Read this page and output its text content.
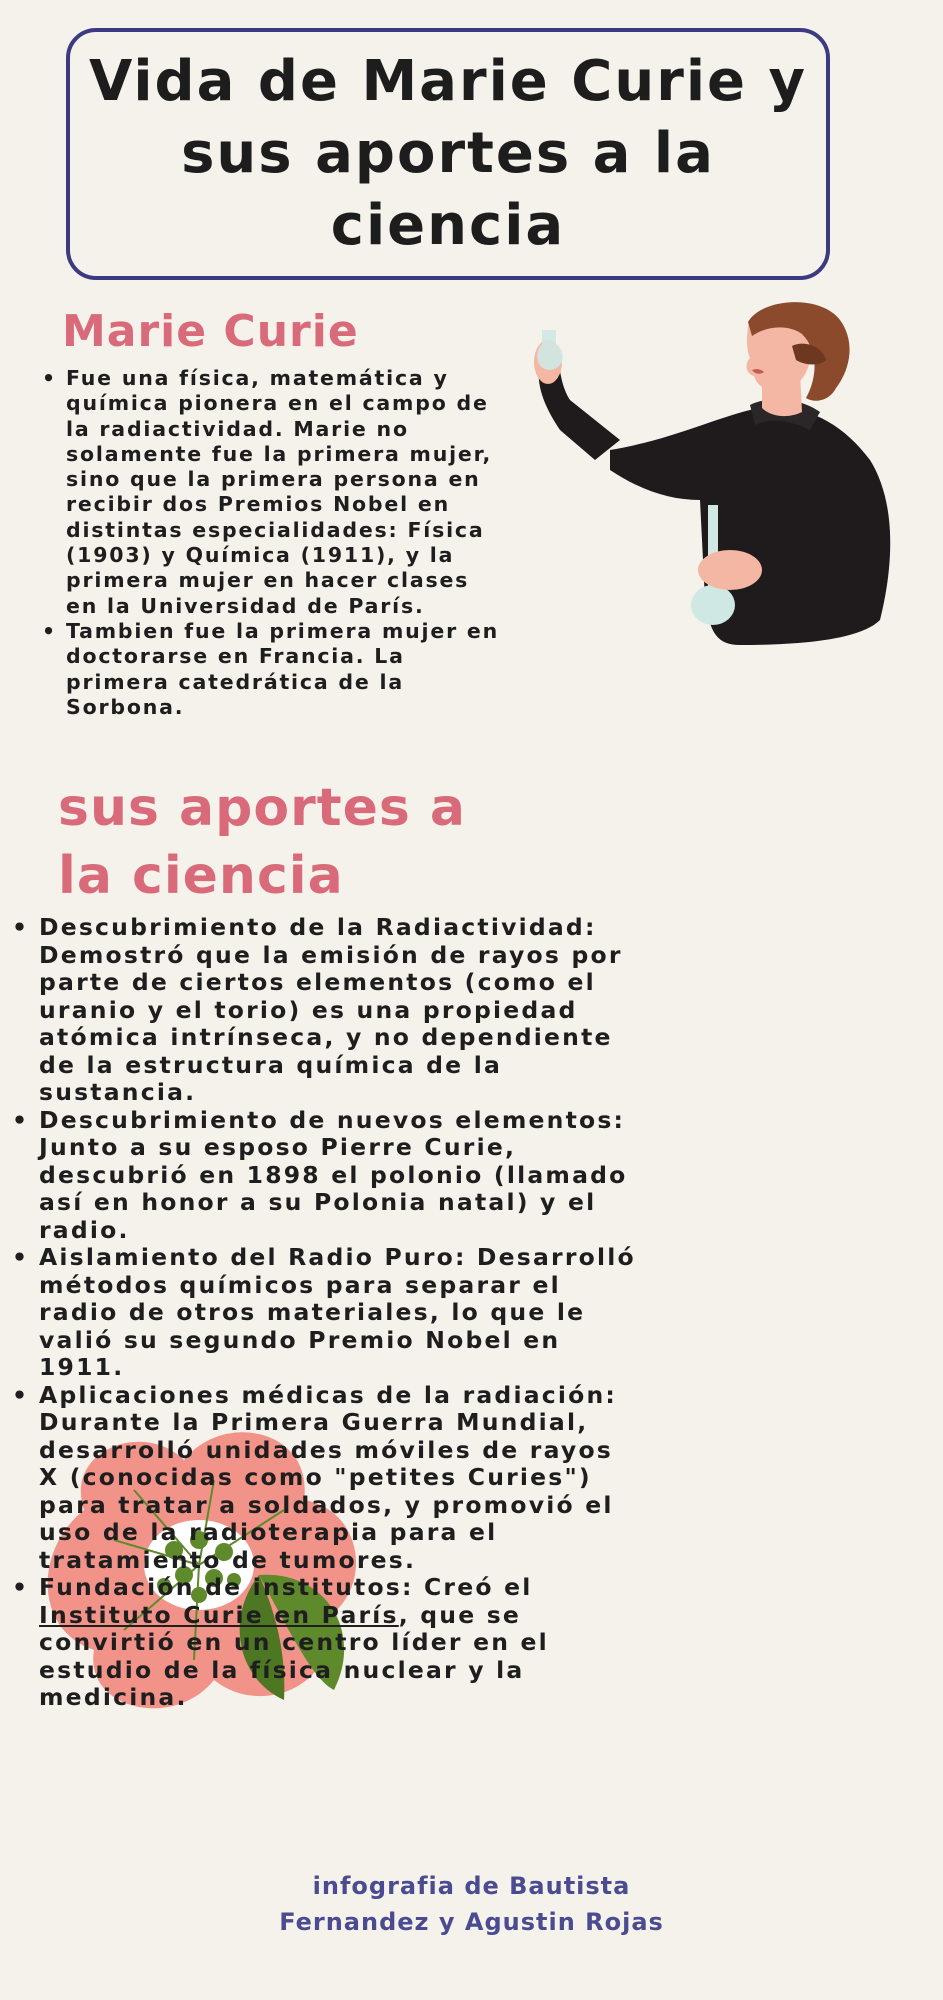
Vida de Marie Curie y
sus aportes a la ciencia
Marie Curie
• Fue una física, matemática y química pionera en el campo de la radiactividad. Marie no solamente fue la primera mujer, sino que la primera persona en recibir dos Premios Nobel en distintas especialidades: Física (1903) y Química (1911), y la primera mujer en hacer clases en la Universidad de París.
• Tambien fue la primera mujer en doctorarse en Francia. La primera catedrática de la Sorbona.
sus aportes a la ciencia
• Descubrimiento de la Radiactividad: Demostró que la emisión de rayos por parte de ciertos elementos (como el uranio y el torio) es una propiedad atómica intrínseca, y no dependiente de la estructura química de la sustancia.
• Descubrimiento de nuevos elementos: Junto a su esposo Pierre Curie, descubrió en 1898 el polonio (llamado así en honor a su Polonia natal) y el radio.
• Aislamiento del Radio Puro: Desarrolló métodos químicos para separar el radio de otros materiales, lo que le valió su segundo Premio Nobel en 1911.
• Aplicaciones médicas de la radiación: Durante la Primera Guerra Mundial, desarrolló unidades móviles de rayos X (conocidas como "petites Curies") para tratar a soldados, y promovió el uso de la radioterapia para el tratamiento de tumores.
• Fundación de institutos: Creó el Instituto Curie en París, que se convirtió en un centro líder en el estudio de la física nuclear y la medicina.
infografia de Bautista
Fernandez y Agustin Rojas
